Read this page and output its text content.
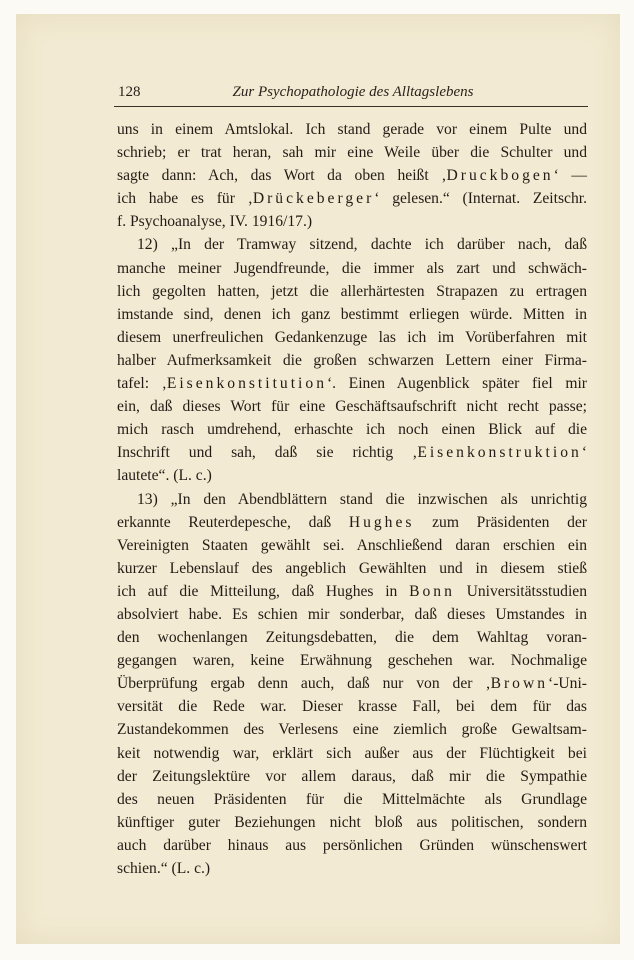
128	Zur Psychopathologie des Alltagslebens
uns in einem Amtslokal. Ich stand gerade vor einem Pulte und
schrieb; er trat heran, sah mir eine Weile über die Schulter und
sagte dann: Ach, das Wort da oben heißt ‚Druckbogen‘ —
ich habe es für ‚Drückeberger‘ gelesen.“ (Internat. Zeitschr.
f. Psychoanalyse, IV. 1916/17.)
12) „In der Tramway sitzend, dachte ich darüber nach, daß
manche meiner Jugendfreunde, die immer als zart und schwäch-
lich gegolten hatten, jetzt die allerhärtesten Strapazen zu ertragen
imstande sind, denen ich ganz bestimmt erliegen würde. Mitten in
diesem unerfreulichen Gedankenzuge las ich im Vorüberfahren mit
halber Aufmerksamkeit die großen schwarzen Lettern einer Firma-
tafel: ‚Eisenkonstitution‘. Einen Augenblick später fiel mir
ein, daß dieses Wort für eine Geschäftsaufschrift nicht recht passe;
mich rasch umdrehend, erhaschte ich noch einen Blick auf die
Inschrift und sah, daß sie richtig ‚Eisenkonstruktion‘
lautete“. (L. c.)
13) „In den Abendblättern stand die inzwischen als unrichtig
erkannte Reuterdepesche, daß Hughes zum Präsidenten der
Vereinigten Staaten gewählt sei. Anschließend daran erschien ein
kurzer Lebenslauf des angeblich Gewählten und in diesem stieß
ich auf die Mitteilung, daß Hughes in Bonn Universitätsstudien
absolviert habe. Es schien mir sonderbar, daß dieses Umstandes in
den wochenlangen Zeitungsdebatten, die dem Wahltag voran-
gegangen waren, keine Erwähnung geschehen war. Nochmalige
Überprüfung ergab denn auch, daß nur von der ‚Brown‘-Uni-
versität die Rede war. Dieser krasse Fall, bei dem für das
Zustandekommen des Verlesens eine ziemlich große Gewaltsam-
keit notwendig war, erklärt sich außer aus der Flüchtigkeit bei
der Zeitungslektüre vor allem daraus, daß mir die Sympathie
des neuen Präsidenten für die Mittelmächte als Grundlage
künftiger guter Beziehungen nicht bloß aus politischen, sondern
auch darüber hinaus aus persönlichen Gründen wünschenswert
schien.“ (L. c.)
